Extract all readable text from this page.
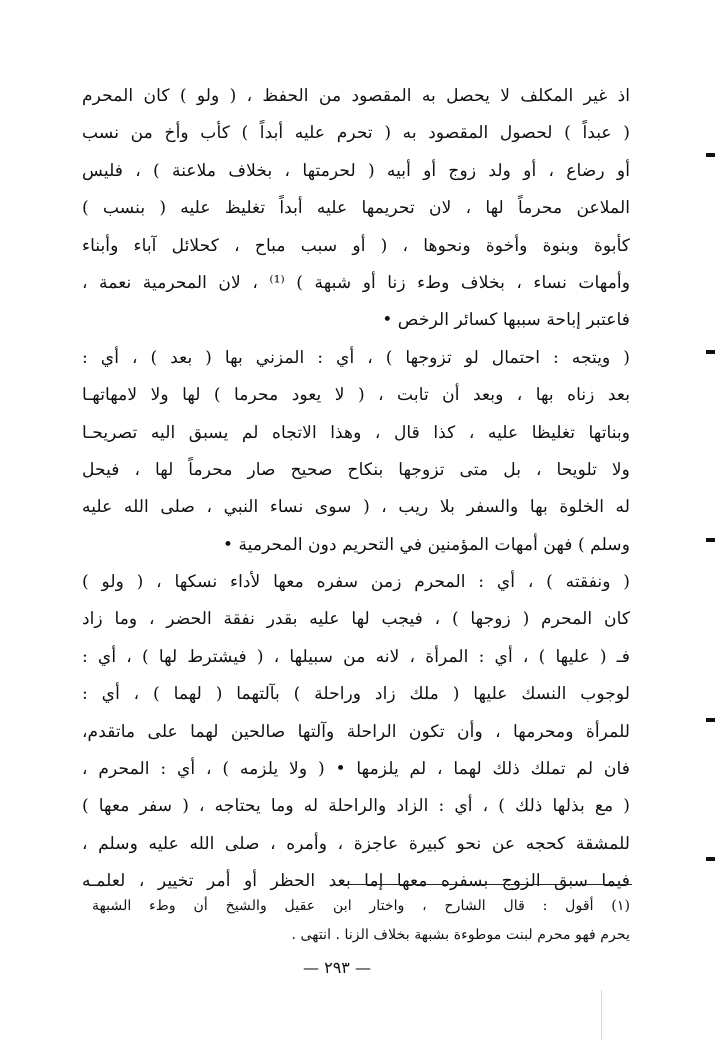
اذ غير المكلف لا يحصل به المقصود من الحفظ ، ( ولو ) كان المحرم
( عبداً ) لحصول المقصود به ( تحرم عليه أبداً ) كأب وأخ من نسب
أو رضاع ، أو ولد زوج أو أبيه ( لحرمتها ، بخلاف ملاعنة ) ، فليس
الملاعن محرماً لها ، لان تحريمها عليه أبداً تغليظ عليه ( بنسب )
كأبوة وبنوة وأخوة ونحوها ، ( أو سبب مباح ، كحلائل آباء وأبناء
وأمهات نساء ، بخلاف وطء زنا أو شبهة ) ⁽¹⁾ ، لان المحرمية نعمة ،
فاعتبر إباحة سببها كسائر الرخص •
( ويتجه : احتمال لو تزوجها ) ، أي : المزني بها ( بعد ) ، أي :
بعد زناه بها ، وبعد أن تابت ، ( لا يعود محرما ) لها ولا لامهاتهـا
وبناتها تغليظا عليه ، كذا قال ، وهذا الاتجاه لم يسبق اليه تصريحـا
ولا تلويحا ، بل متى تزوجها بنكاح صحيح صار محرماً لها ، فيحل
له الخلوة بها والسفر بلا ريب ، ( سوى نساء النبي ، صلى الله عليه
وسلم ) فهن أمهات المؤمنين في التحريم دون المحرمية •
( ونفقته ) ، أي : المحرم زمن سفره معها لأداء نسكها ، ( ولو )
كان المحرم ( زوجها ) ، فيجب لها عليه بقدر نفقة الحضر ، وما زاد
فـ ( عليها ) ، أي : المرأة ، لانه من سبيلها ، ( فيشترط لها ) ، أي :
لوجوب النسك عليها ( ملك زاد وراحلة ) بآلتهما ( لهما ) ، أي :
للمرأة ومحرمها ، وأن تكون الراحلة وآلتها صالحين لهما على ماتقدم،
فان لم تملك ذلك لهما ، لم يلزمها • ( ولا يلزمه ) ، أي : المحرم ،
( مع بذلها ذلك ) ، أي : الزاد والراحلة له وما يحتاجه ، ( سفر معها )
للمشقة كحجه عن نحو كبيرة عاجزة ، وأمره ، صلى الله عليه وسلم ،
فيما سبق الزوج بسفره معها إما بعد الحظر أو أمر تخيير ، لعلمـه
(١) أقول : قال الشارح ، واختار ابن عقيل والشيخ أن وطء الشبهة
يحرم فهو محرم لبنت موطوءة بشبهة بخلاف الزنا . انتهى .
— ٢٩٣ —
